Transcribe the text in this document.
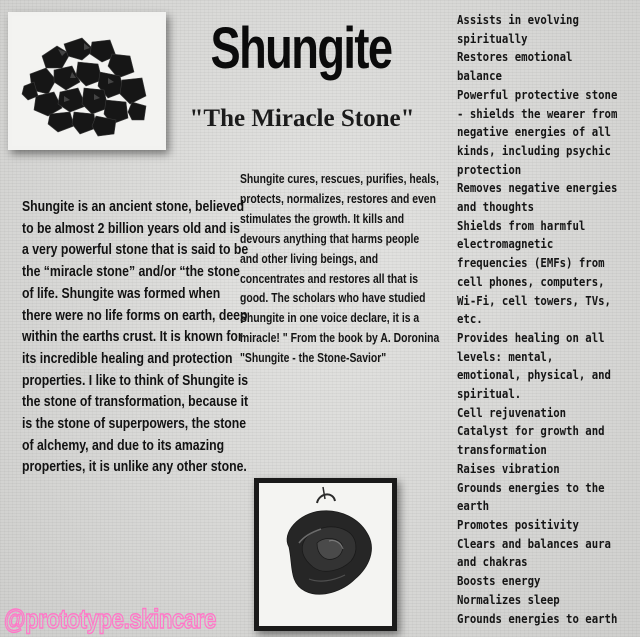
Shungite
"The Miracle Stone"

Shungite is an ancient stone, believed to be almost 2 billion years old and is a very powerful stone that is said to be the “miracle stone” and/or “the stone of life. Shungite was formed when there were no life forms on earth, deep within the earths crust. It is known for its incredible healing and protection properties. I like to think of Shungite is the stone of transformation, because it is the stone of superpowers, the stone of alchemy, and due to its amazing properties, it is unlike any other stone.

Shungite cures, rescues, purifies, heals, protects, normalizes, restores and even stimulates the growth. It kills and devours anything that harms people and other living beings, and concentrates and restores all that is good. The scholars who have studied Shungite in one voice declare, it is a miracle! " From the book by A. Doronina "Shungite - the Stone-Savior"

Assists in evolving spiritually
Restores emotional balance
Powerful protective stone - shields the wearer from negative energies of all kinds, including psychic protection
Removes negative energies and thoughts
Shields from harmful electromagnetic frequencies (EMFs) from cell phones, computers, Wi-Fi, cell towers, TVs, etc.
Provides healing on all levels: mental, emotional, physical, and spiritual.
Cell rejuvenation
Catalyst for growth and transformation
Raises vibration
Grounds energies to the earth
Promotes positivity
Clears and balances aura and chakras
Boosts energy
Normalizes sleep
Grounds energies to earth
@prototype.skincare
